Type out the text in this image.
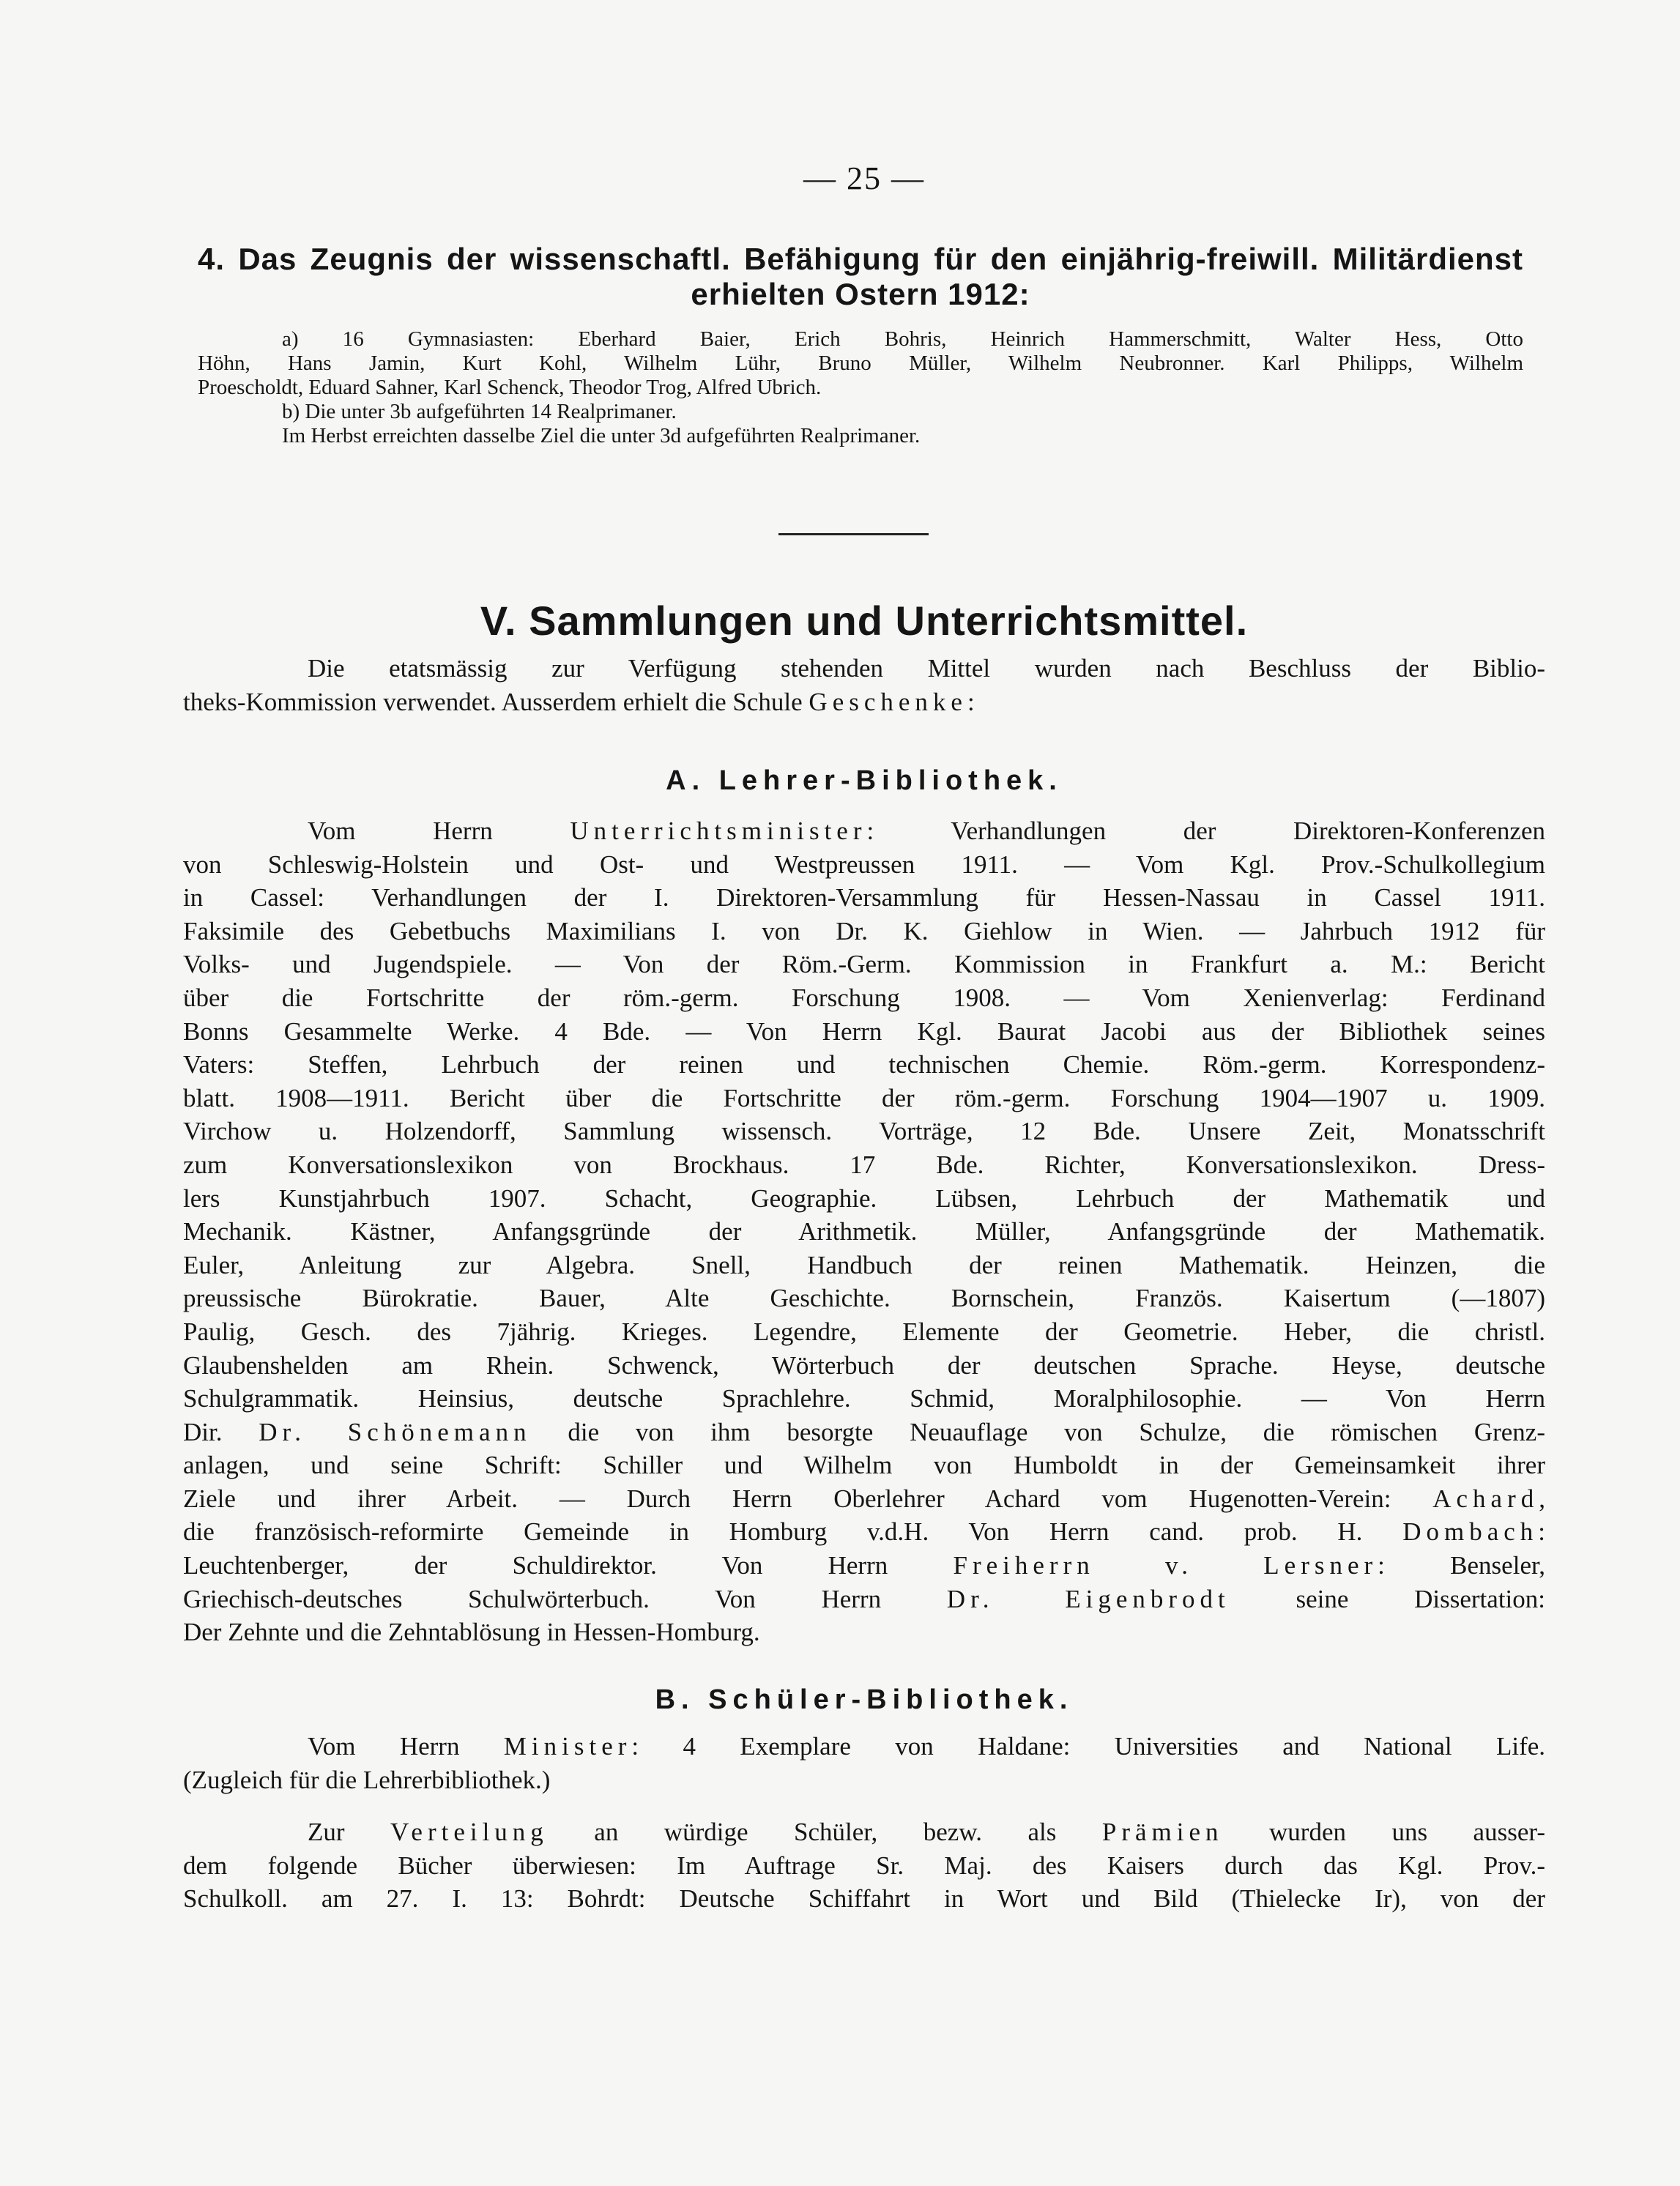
— 25 —
4. Das Zeugnis der wissenschaftl. Befähigung für den einjährig-freiwill. Militärdienst
erhielten Ostern 1912:
a) 16 Gymnasiasten: Eberhard Baier, Erich Bohris, Heinrich Hammerschmitt, Walter Hess, Otto
Höhn, Hans Jamin, Kurt Kohl, Wilhelm Lühr, Bruno Müller, Wilhelm Neubronner. Karl Philipps, Wilhelm
Proescholdt, Eduard Sahner, Karl Schenck, Theodor Trog, Alfred Ubrich.
b) Die unter 3b aufgeführten 14 Realprimaner.
Im Herbst erreichten dasselbe Ziel die unter 3d aufgeführten Realprimaner.
V. Sammlungen und Unterrichtsmittel.
Die etatsmässig zur Verfügung stehenden Mittel wurden nach Beschluss der Biblio-
theks-Kommission verwendet. Ausserdem erhielt die Schule Geschenke:
A. Lehrer-Bibliothek.
Vom Herrn Unterrichtsminister: Verhandlungen der Direktoren-Konferenzen
von Schleswig-Holstein und Ost- und Westpreussen 1911. — Vom Kgl. Prov.-Schulkollegium
in Cassel: Verhandlungen der I. Direktoren-Versammlung für Hessen-Nassau in Cassel 1911.
Faksimile des Gebetbuchs Maximilians I. von Dr. K. Giehlow in Wien. — Jahrbuch 1912 für
Volks- und Jugendspiele. — Von der Röm.-Germ. Kommission in Frankfurt a. M.: Bericht
über die Fortschritte der röm.-germ. Forschung 1908. — Vom Xenienverlag: Ferdinand
Bonns Gesammelte Werke. 4 Bde. — Von Herrn Kgl. Baurat Jacobi aus der Bibliothek seines
Vaters: Steffen, Lehrbuch der reinen und technischen Chemie. Röm.-germ. Korrespondenz-
blatt. 1908—1911. Bericht über die Fortschritte der röm.-germ. Forschung 1904—1907 u. 1909.
Virchow u. Holzendorff, Sammlung wissensch. Vorträge, 12 Bde. Unsere Zeit, Monatsschrift
zum Konversationslexikon von Brockhaus. 17 Bde. Richter, Konversationslexikon. Dress-
lers Kunstjahrbuch 1907. Schacht, Geographie. Lübsen, Lehrbuch der Mathematik und
Mechanik. Kästner, Anfangsgründe der Arithmetik. Müller, Anfangsgründe der Mathematik.
Euler, Anleitung zur Algebra. Snell, Handbuch der reinen Mathematik. Heinzen, die
preussische Bürokratie. Bauer, Alte Geschichte. Bornschein, Französ. Kaisertum (—1807)
Paulig, Gesch. des 7jährig. Krieges. Legendre, Elemente der Geometrie. Heber, die christl.
Glaubenshelden am Rhein. Schwenck, Wörterbuch der deutschen Sprache. Heyse, deutsche
Schulgrammatik. Heinsius, deutsche Sprachlehre. Schmid, Moralphilosophie. — Von Herrn
Dir. Dr. Schönemann die von ihm besorgte Neuauflage von Schulze, die römischen Grenz-
anlagen, und seine Schrift: Schiller und Wilhelm von Humboldt in der Gemeinsamkeit ihrer
Ziele und ihrer Arbeit. — Durch Herrn Oberlehrer Achard vom Hugenotten-Verein: Achard,
die französisch-reformirte Gemeinde in Homburg v.d.H. Von Herrn cand. prob. H. Dombach:
Leuchtenberger, der Schuldirektor. Von Herrn Freiherrn v. Lersner: Benseler,
Griechisch-deutsches Schulwörterbuch. Von Herrn Dr. Eigenbrodt seine Dissertation:
Der Zehnte und die Zehntablösung in Hessen-Homburg.
B. Schüler-Bibliothek.
Vom Herrn Minister: 4 Exemplare von Haldane: Universities and National Life.
(Zugleich für die Lehrerbibliothek.)
Zur Verteilung an würdige Schüler, bezw. als Prämien wurden uns ausser-
dem folgende Bücher überwiesen: Im Auftrage Sr. Maj. des Kaisers durch das Kgl. Prov.-
Schulkoll. am 27. I. 13: Bohrdt: Deutsche Schiffahrt in Wort und Bild (Thielecke Ir), von der
